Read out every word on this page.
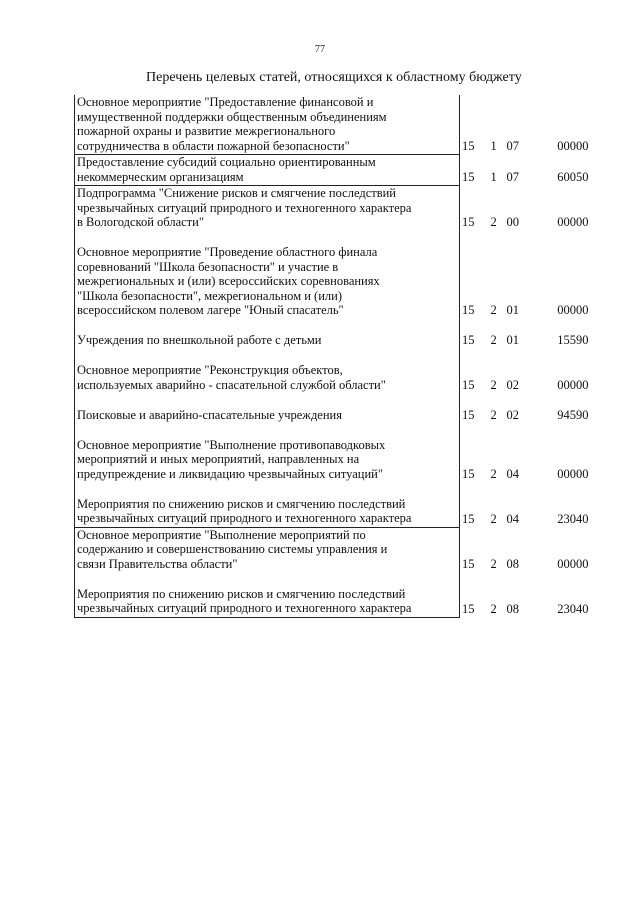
77
Перечень целевых статей, относящихся к областному бюджету
Основное мероприятие "Предоставление финансовой и
имущественной поддержки общественным объединениям
пожарной охраны и развитие межрегионального
сотрудничества в области пожарной безопасности"	15	1	07	00000

Предоставление субсидий социально ориентированным
некоммерческим организациям	15	1	07	60050

Подпрограмма "Снижение рисков и смягчение последствий
чрезвычайных ситуаций природного и техногенного характера
в Вологодской области"	15	2	00	00000

Основное мероприятие "Проведение областного финала
соревнований "Школа безопасности" и участие в
межрегиональных и (или) всероссийских соревнованиях
"Школа безопасности", межрегиональном и (или)
всероссийском полевом лагере "Юный спасатель"	15	2	01	00000

Учреждения по внешкольной работе с детьми	15	2	01	15590

Основное мероприятие "Реконструкция объектов,
используемых аварийно - спасательной службой области"	15	2	02	00000

Поисковые и аварийно-спасательные учреждения	15	2	02	94590

Основное мероприятие "Выполнение противопаводковых
мероприятий и иных мероприятий, направленных на
предупреждение и ликвидацию чрезвычайных ситуаций"	15	2	04	00000

Мероприятия по снижению рисков и смягчению последствий
чрезвычайных ситуаций природного и техногенного характера	15	2	04	23040

Основное мероприятие "Выполнение мероприятий по
содержанию и совершенствованию системы управления и
связи Правительства области"	15	2	08	00000

Мероприятия по снижению рисков и смягчению последствий
чрезвычайных ситуаций природного и техногенного характера	15	2	08	23040
